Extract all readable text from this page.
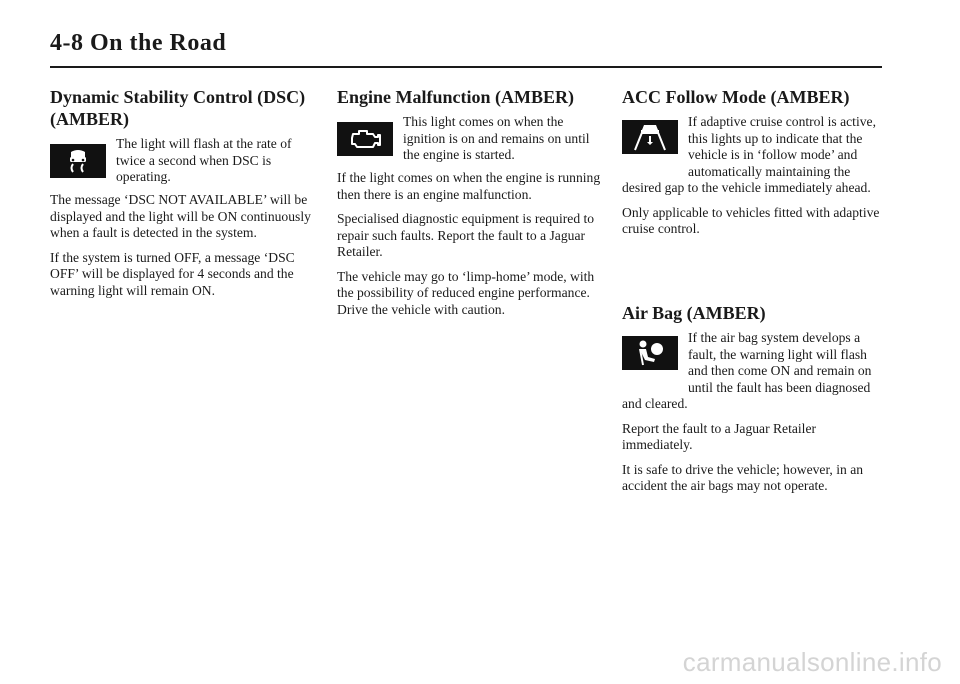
4-8 On the Road
Dynamic Stability Control (DSC) (AMBER)

The light will flash at the rate of twice a second when DSC is operating.

The message ‘DSC NOT AVAILABLE’ will be displayed and the light will be ON continuously when a fault is detected in the system.

If the system is turned OFF, a message ‘DSC OFF’ will be displayed for 4 seconds and the warning light will remain ON.

Engine Malfunction (AMBER)

This light comes on when the ignition is on and remains on until the engine is started.

If the light comes on when the engine is running then there is an engine malfunction.

Specialised diagnostic equipment is required to repair such faults. Report the fault to a Jaguar Retailer.

The vehicle may go to ‘limp-home’ mode, with the possibility of reduced engine performance. Drive the vehicle with caution.

ACC Follow Mode (AMBER)

If adaptive cruise control is active, this lights up to indicate that the vehicle is in ‘follow mode’ and automatically maintaining the desired gap to the vehicle immediately ahead.

Only applicable to vehicles fitted with adaptive cruise control.

Air Bag (AMBER)

If the air bag system develops a fault, the warning light will flash and then come ON and remain on until the fault has been diagnosed and cleared.

Report the fault to a Jaguar Retailer immediately.

It is safe to drive the vehicle; however, in an accident the air bags may not operate.

carmanualsonline.info
